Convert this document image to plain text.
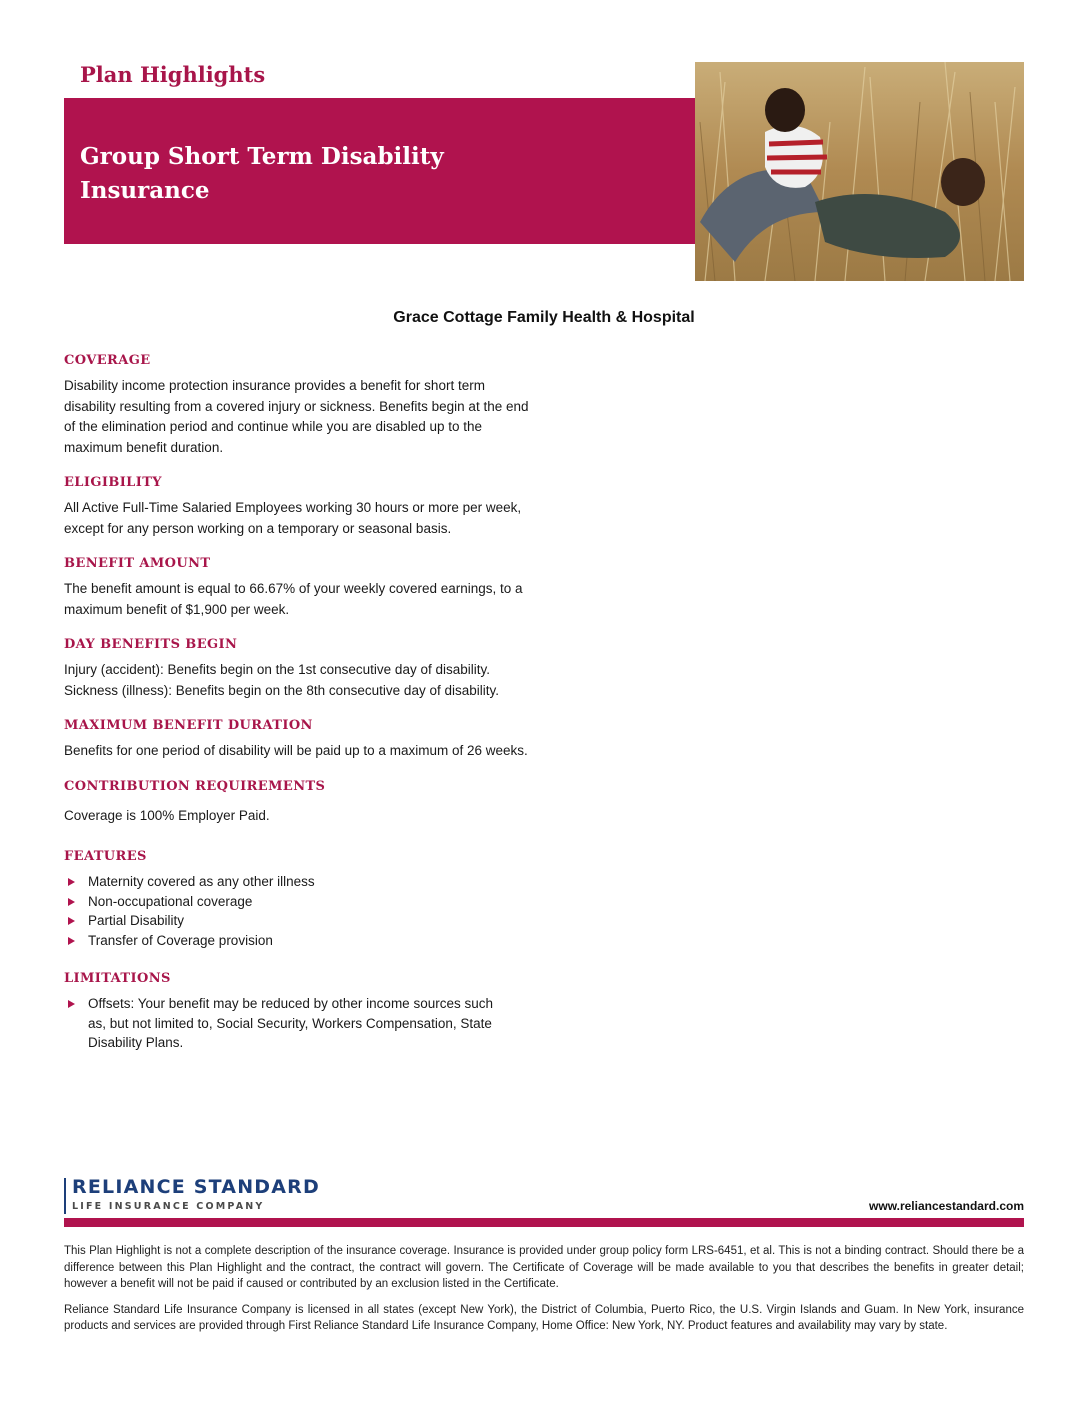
Plan Highlights
Group Short Term Disability
Insurance

Grace Cottage Family Health & Hospital

COVERAGE

Disability income protection insurance provides a benefit for short term disability resulting from a covered injury or sickness. Benefits begin at the end of the elimination period and continue while you are disabled up to the maximum benefit duration.

ELIGIBILITY

All Active Full-Time Salaried Employees working 30 hours or more per week, except for any person working on a temporary or seasonal basis.

BENEFIT AMOUNT

The benefit amount is equal to 66.67% of your weekly covered earnings, to a maximum benefit of $1,900 per week.

DAY BENEFITS BEGIN

Injury (accident): Benefits begin on the 1st consecutive day of disability.

Sickness (illness): Benefits begin on the 8th consecutive day of disability.

MAXIMUM BENEFIT DURATION

Benefits for one period of disability will be paid up to a maximum of 26 weeks.

CONTRIBUTION REQUIREMENTS

Coverage is 100% Employer Paid.

FEATURES
Maternity covered as any other illness
Non-occupational coverage
Partial Disability
Transfer of Coverage provision
LIMITATIONS
Offsets: Your benefit may be reduced by other income sources such as, but not limited to, Social Security, Workers Compensation, State Disability Plans.
RELIANCE STANDARD
LIFE INSURANCE COMPANY	www.reliancestandard.com

This Plan Highlight is not a complete description of the insurance coverage. Insurance is provided under group policy form LRS-6451, et al. This is not a binding contract. Should there be a difference between this Plan Highlight and the contract, the contract will govern. The Certificate of Coverage will be made available to you that describes the benefits in greater detail; however a benefit will not be paid if caused or contributed by an exclusion listed in the Certificate.

Reliance Standard Life Insurance Company is licensed in all states (except New York), the District of Columbia, Puerto Rico, the U.S. Virgin Islands and Guam. In New York, insurance products and services are provided through First Reliance Standard Life Insurance Company, Home Office: New York, NY. Product features and availability may vary by state.
